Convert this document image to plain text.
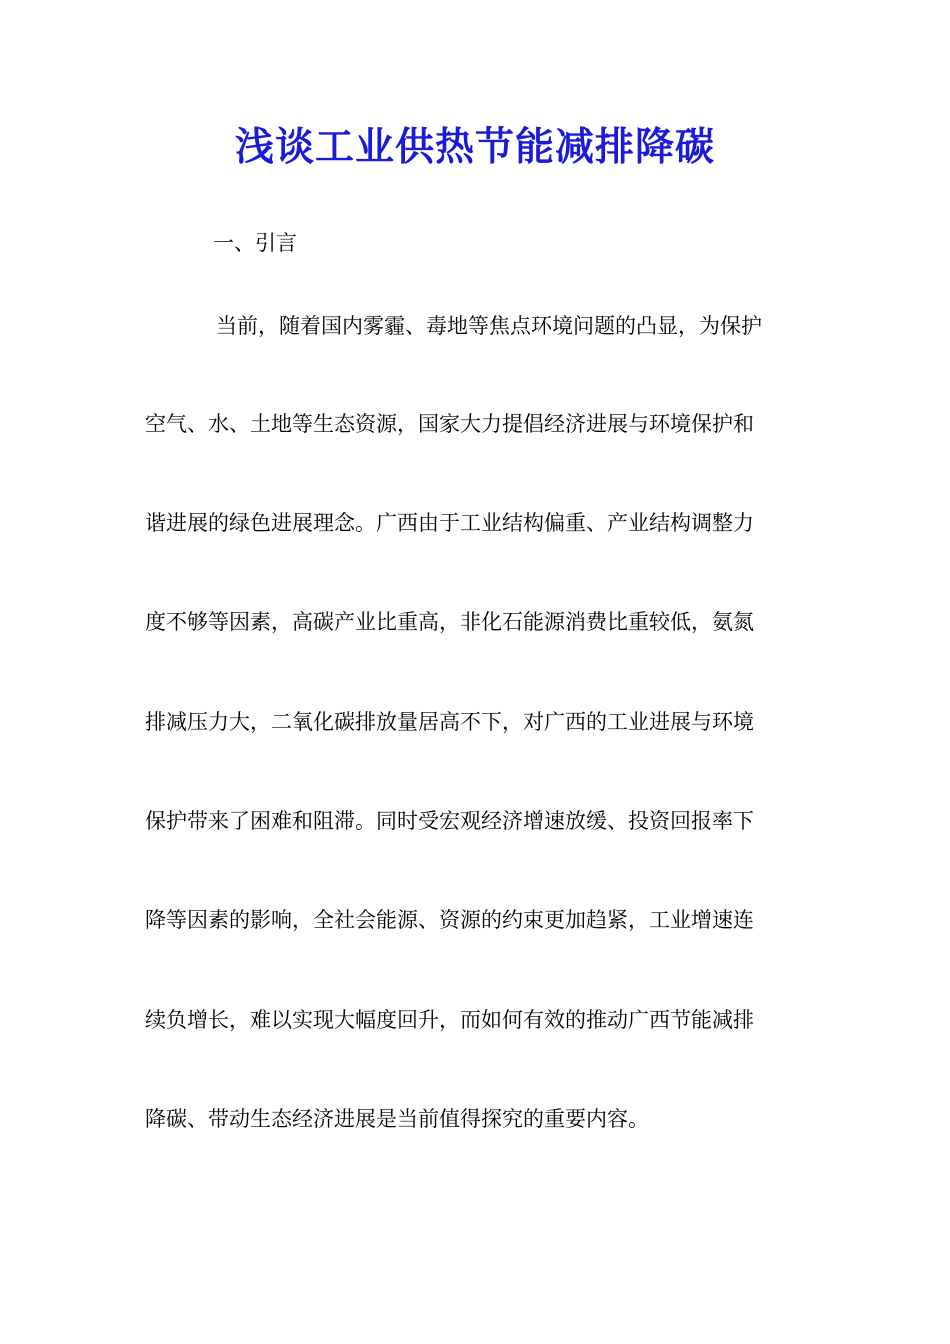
浅谈工业供热节能减排降碳
一、引言
当前，随着国内雾霾、毒地等焦点环境问题的凸显，为保护
空气、水、土地等生态资源，国家大力提倡经济进展与环境保护和
谐进展的绿色进展理念。广西由于工业结构偏重、产业结构调整力
度不够等因素，高碳产业比重高，非化石能源消费比重较低，氨氮
排减压力大，二氧化碳排放量居高不下，对广西的工业进展与环境
保护带来了困难和阻滞。同时受宏观经济增速放缓、投资回报率下
降等因素的影响，全社会能源、资源的约束更加趋紧，工业增速连
续负增长，难以实现大幅度回升，而如何有效的推动广西节能减排
降碳、带动生态经济进展是当前值得探究的重要内容。
